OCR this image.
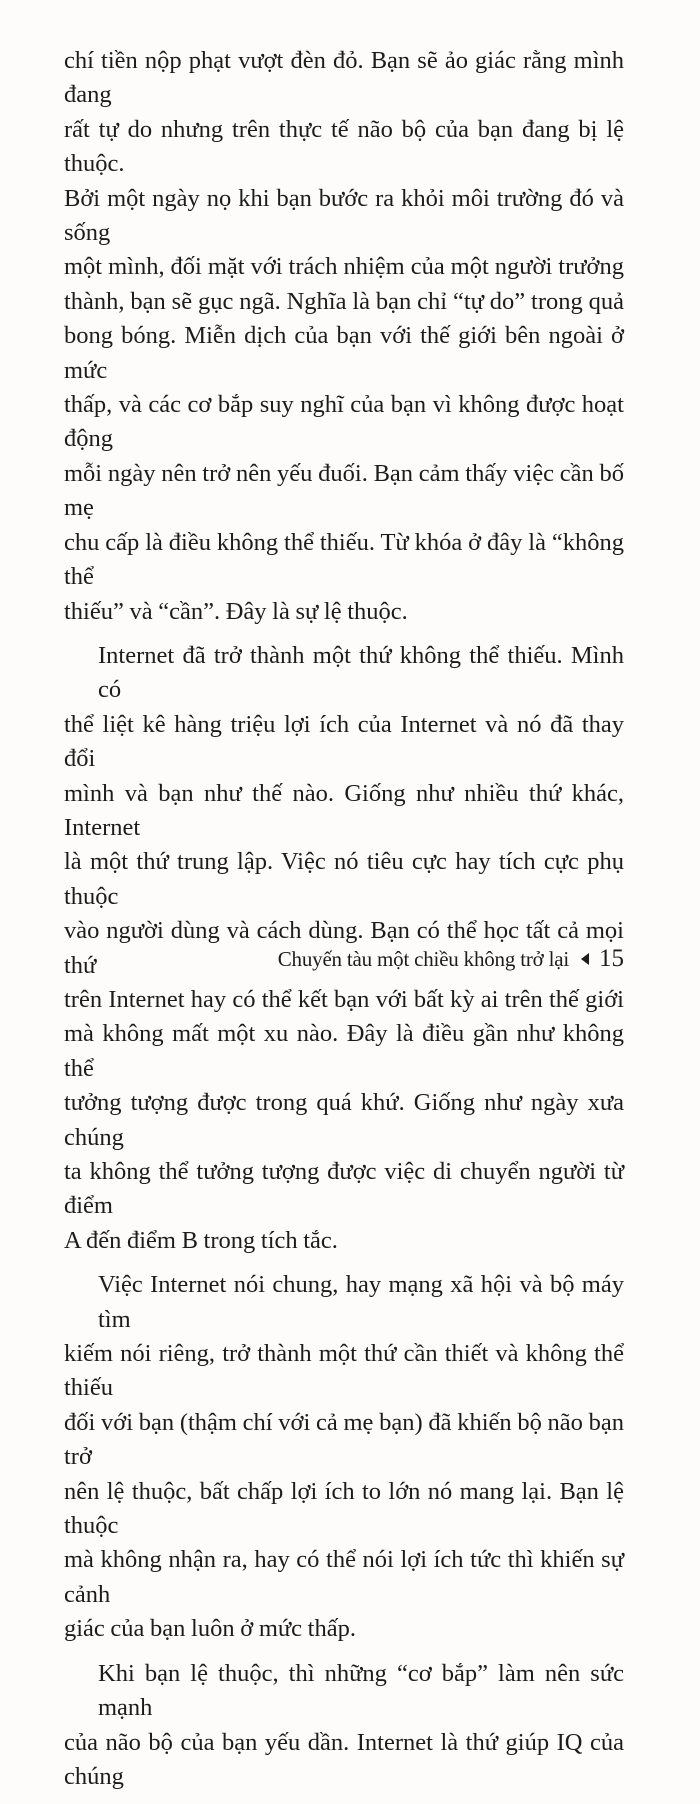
chí tiền nộp phạt vượt đèn đỏ. Bạn sẽ ảo giác rằng mình đang
rất tự do nhưng trên thực tế não bộ của bạn đang bị lệ thuộc.
Bởi một ngày nọ khi bạn bước ra khỏi môi trường đó và sống
một mình, đối mặt với trách nhiệm của một người trưởng
thành, bạn sẽ gục ngã. Nghĩa là bạn chỉ “tự do” trong quả
bong bóng. Miễn dịch của bạn với thế giới bên ngoài ở mức
thấp, và các cơ bắp suy nghĩ của bạn vì không được hoạt động
mỗi ngày nên trở nên yếu đuối. Bạn cảm thấy việc cần bố mẹ
chu cấp là điều không thể thiếu. Từ khóa ở đây là “không thể
thiếu” và “cần”. Đây là sự lệ thuộc.

Internet đã trở thành một thứ không thể thiếu. Mình có
thể liệt kê hàng triệu lợi ích của Internet và nó đã thay đổi
mình và bạn như thế nào. Giống như nhiều thứ khác, Internet
là một thứ trung lập. Việc nó tiêu cực hay tích cực phụ thuộc
vào người dùng và cách dùng. Bạn có thể học tất cả mọi thứ
trên Internet hay có thể kết bạn với bất kỳ ai trên thế giới
mà không mất một xu nào. Đây là điều gần như không thể
tưởng tượng được trong quá khứ. Giống như ngày xưa chúng
ta không thể tưởng tượng được việc di chuyển người từ điểm
A đến điểm B trong tích tắc.

Việc Internet nói chung, hay mạng xã hội và bộ máy tìm
kiếm nói riêng, trở thành một thứ cần thiết và không thể thiếu
đối với bạn (thậm chí với cả mẹ bạn) đã khiến bộ não bạn trở
nên lệ thuộc, bất chấp lợi ích to lớn nó mang lại. Bạn lệ thuộc
mà không nhận ra, hay có thể nói lợi ích tức thì khiến sự cảnh
giác của bạn luôn ở mức thấp.

Khi bạn lệ thuộc, thì những “cơ bắp” làm nên sức mạnh
của não bộ của bạn yếu dần. Internet là thứ giúp IQ của chúng

Chuyến tàu một chiều không trở lại 15
